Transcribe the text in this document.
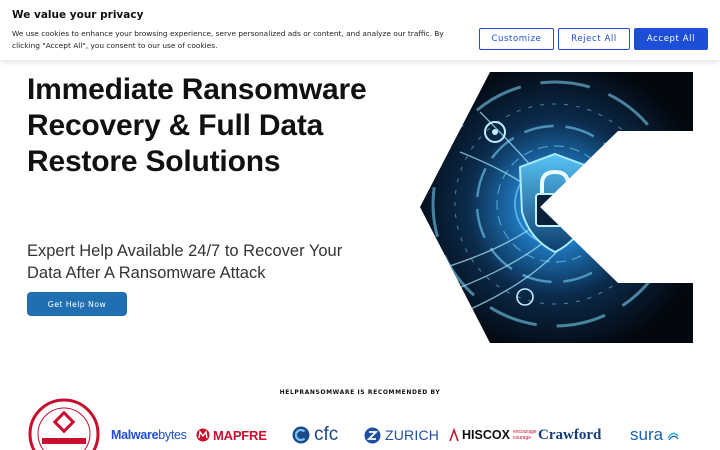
We value your privacy
We use cookies to enhance your browsing experience, serve personalized ads or content, and analyze our traffic. By clicking "Accept All", you consent to our use of cookies.
Customize	Reject All	Accept All
Immediate Ransomware Recovery & Full Data Restore Solutions

Expert Help Available 24/7 to Recover Your Data After A Ransomware Attack

Get Help Now
HELPRANSOMWARE IS RECOMMENDED BY
Malware bytes MAPFRE cfc	ZURICH HISCOX encourage
courage Crawford sura
